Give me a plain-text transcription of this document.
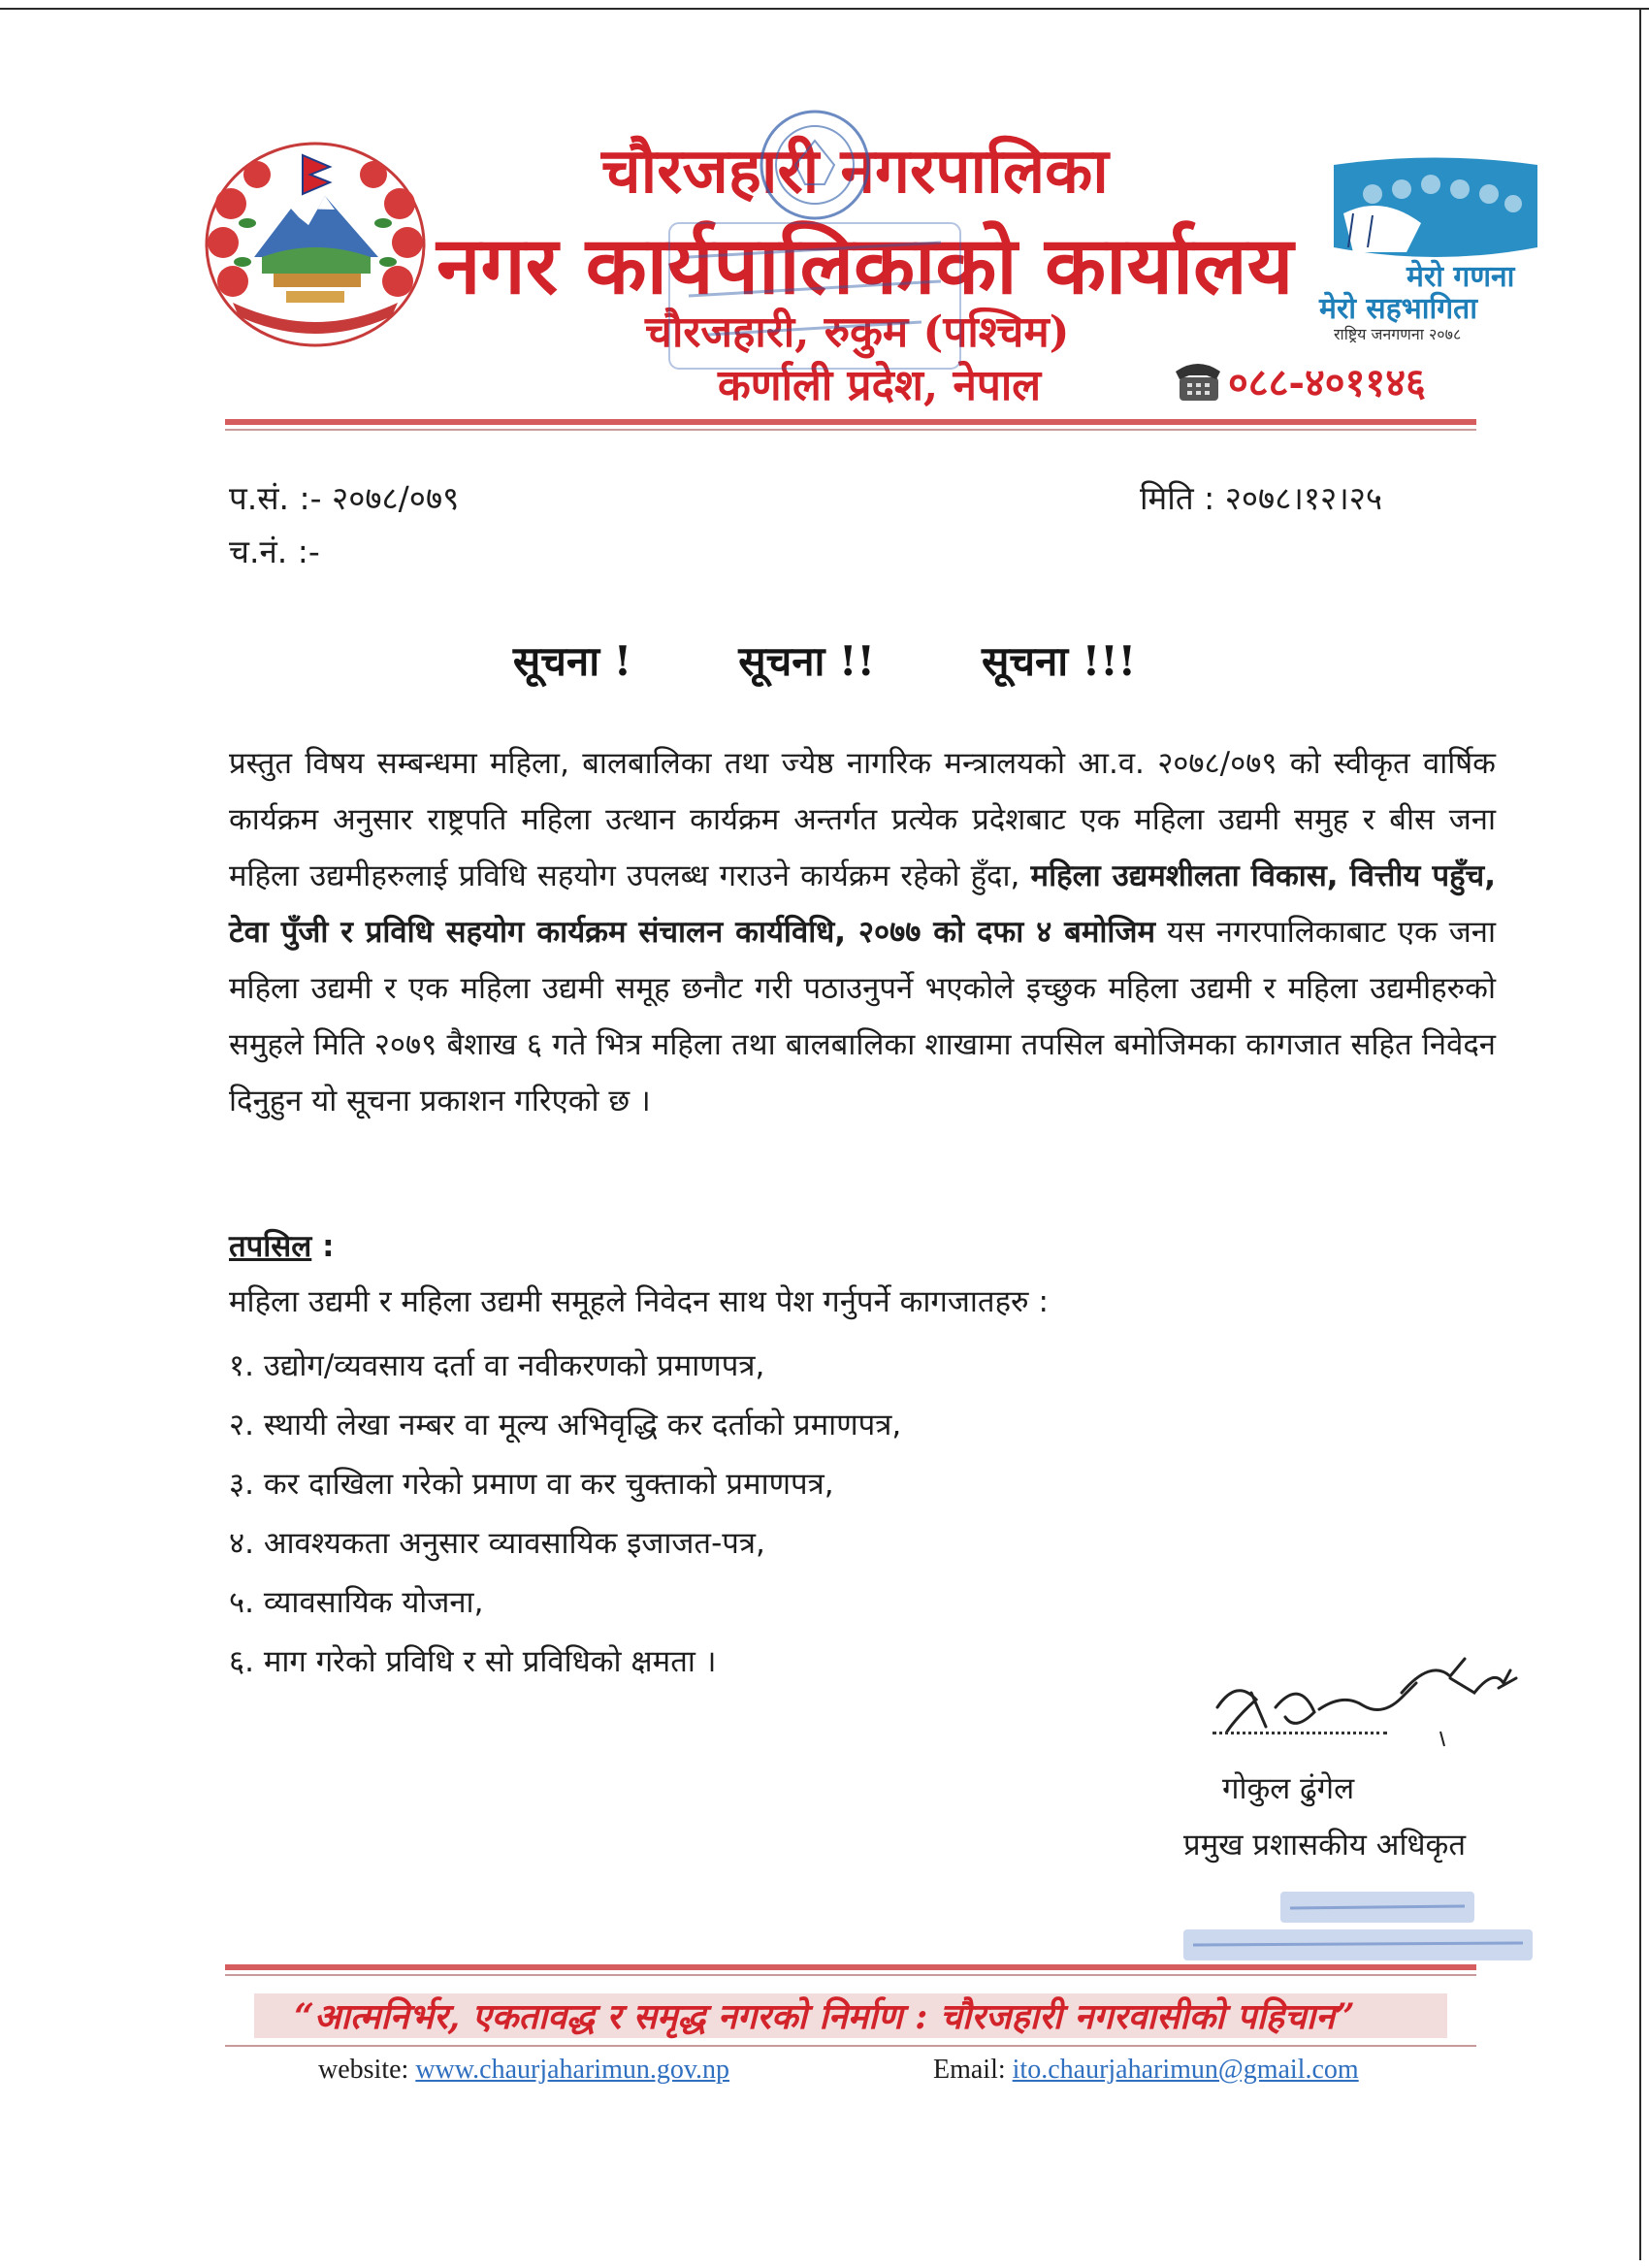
चौरजहारी नगरपालिका
नगर कार्यपालिकाको कार्यालय
चौरजहारी, रुकुम (पश्चिम)
कर्णाली प्रदेश, नेपाल
मेरो गणना
मेरो सहभागिता
राष्ट्रिय जनगणना २०७८
०८८-४०११४६
प.सं. :- २०७८/०७९
च.नं. :-
मिति : २०७८।१२।२५
सूचना !	सूचना !!	सूचना !!!
प्रस्तुत विषय सम्बन्धमा महिला, बालबालिका तथा ज्येष्ठ नागरिक मन्त्रालयको आ.व. २०७८/०७९ को स्वीकृत वार्षिक कार्यक्रम अनुसार राष्ट्रपति महिला उत्थान कार्यक्रम अन्तर्गत प्रत्येक प्रदेशबाट एक महिला उद्यमी समुह र बीस जना महिला उद्यमीहरुलाई प्रविधि सहयोग उपलब्ध गराउने कार्यक्रम रहेको हुँदा, महिला उद्यमशीलता विकास, वित्तीय पहुँच, टेवा पुँजी र प्रविधि सहयोग कार्यक्रम संचालन कार्यविधि, २०७७ को दफा ४ बमोजिम यस नगरपालिकाबाट एक जना महिला उद्यमी र एक महिला उद्यमी समूह छनौट गरी पठाउनुपर्ने भएकोले इच्छुक महिला उद्यमी र महिला उद्यमीहरुको समुहले मिति २०७९ बैशाख ६ गते भित्र महिला तथा बालबालिका शाखामा तपसिल बमोजिमका कागजात सहित निवेदन दिनुहुन यो सूचना प्रकाशन गरिएको छ ।
तपसिल :
महिला उद्यमी र महिला उद्यमी समूहले निवेदन साथ पेश गर्नुपर्ने कागजातहरु :
१. उद्योग/व्यवसाय दर्ता वा नवीकरणको प्रमाणपत्र,
२. स्थायी लेखा नम्बर वा मूल्य अभिवृद्धि कर दर्ताको प्रमाणपत्र,
३. कर दाखिला गरेको प्रमाण वा कर चुक्ताको प्रमाणपत्र,
४. आवश्यकता अनुसार व्यावसायिक इजाजत-पत्र,
५. व्यावसायिक योजना,
६. माग गरेको प्रविधि र सो प्रविधिको क्षमता ।
गोकुल ढुंगेल
प्रमुख प्रशासकीय अधिकृत
“आत्मनिर्भर, एकतावद्ध र समृद्ध नगरको निर्माण : चौरजहारी नगरवासीको पहिचान”
website: www.chaurjaharimun.gov.np	Email: ito.chaurjaharimun@gmail.com
